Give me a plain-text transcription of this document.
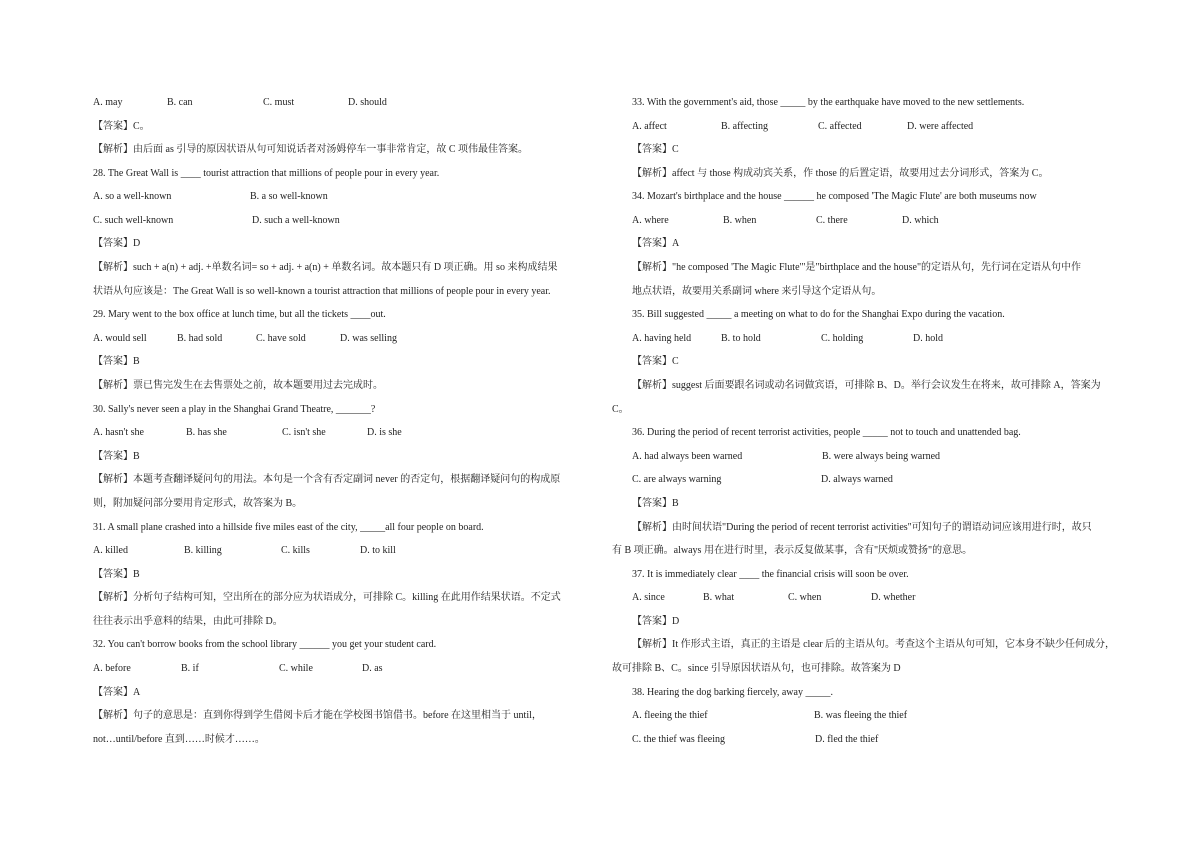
A. may	B. can	C. must	D. should
【答案】C。
【解析】由后面 as 引导的原因状语从句可知说话者对汤姆停车一事非常肯定，故 C 项伟最佳答案。
28. The Great Wall is ____ tourist attraction that millions of people pour in every year.
A. so a well-known	B. a so well-known
C. such well-known	D. such a well-known
【答案】D
【解析】such + a(n) + adj. +单数名词= so + adj. + a(n) + 单数名词。故本题只有 D 项正确。用 so 来构成结果
状语从句应该是：The Great Wall is so well-known a tourist attraction that millions of people pour in every year.
29. Mary went to the box office at lunch time, but all the tickets ____out.
A. would sell	B. had sold	C. have sold	D. was selling
【答案】B
【解析】票已售完发生在去售票处之前，故本题要用过去完成时。
30. Sally's never seen a play in the Shanghai Grand Theatre, _______?
A. hasn't she	B. has she	C. isn't she	D. is she
【答案】B
【解析】本题考查翻译疑问句的用法。本句是一个含有否定副词 never 的否定句，根据翻译疑问句的构成原
则，附加疑问部分要用肯定形式，故答案为 B。
31. A small plane crashed into a hillside five miles east of the city, _____all four people on board.
A. killed	B. killing	C. kills	D. to kill
【答案】B
【解析】分析句子结构可知，空出所在的部分应为状语成分，可排除 C。killing 在此用作结果状语。不定式
往往表示出乎意料的结果，由此可排除 D。
32. You can't borrow books from the school library ______ you get your student card.
A. before	B. if	C. while	D. as
【答案】A
【解析】句子的意思是：直到你得到学生借阅卡后才能在学校图书馆借书。before 在这里相当于 until，
not…until/before 直到……时候才……。
33. With the government's aid, those _____ by the earthquake have moved to the new settlements.
A. affect	B. affecting	C. affected	D. were affected
【答案】C
【解析】affect 与 those 构成动宾关系，作 those 的后置定语，故要用过去分词形式，答案为 C。
34. Mozart's birthplace and the house ______ he composed 'The Magic Flute' are both museums now
A. where	B. when	C. there	D. which
【答案】A
【解析】"he composed 'The Magic Flute'"是"birthplace and the house"的定语从句，先行词在定语从句中作
地点状语，故要用关系副词 where 来引导这个定语从句。
35. Bill suggested _____ a meeting on what to do for the Shanghai Expo during the vacation.
A. having held	B. to hold	C. holding	D. hold
【答案】C
【解析】suggest 后面要跟名词或动名词做宾语，可排除 B、D。举行会议发生在将来，故可排除 A，答案为
C。
36. During the period of recent terrorist activities, people _____ not to touch and unattended bag.
A. had always been warned	B. were always being warned
C. are always warning	D. always warned
【答案】B
【解析】由时间状语"During the period of recent terrorist activities"可知句子的谓语动词应该用进行时，故只
有 B 项正确。always 用在进行时里，表示反复做某事，含有"厌烦或赞扬"的意思。
37. It is immediately clear ____ the financial crisis will soon be over.
A. since	B. what	C. when	D. whether
【答案】D
【解析】It 作形式主语，真正的主语是 clear 后的主语从句。考查这个主语从句可知，它本身不缺少任何成分，
故可排除 B、C。since 引导原因状语从句，也可排除。故答案为 D
38. Hearing the dog barking fiercely, away _____.
A. fleeing the thief	B. was fleeing the thief
C. the thief was fleeing	D. fled the thief
